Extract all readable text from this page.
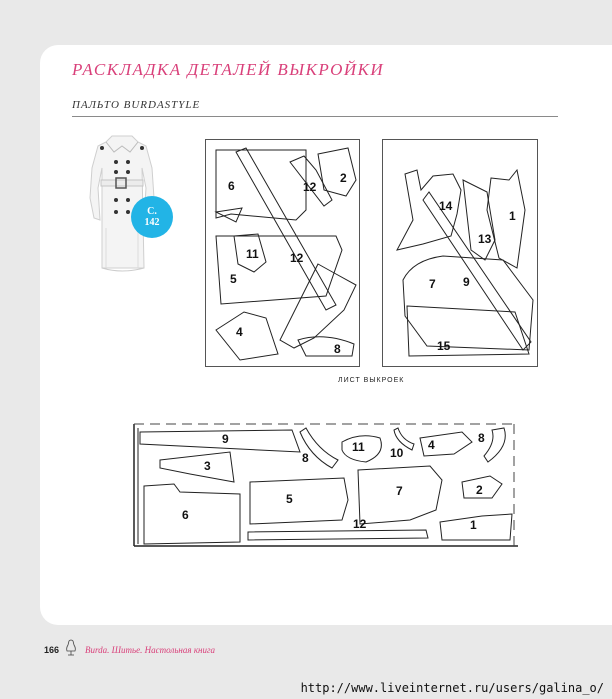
РАСКЛАДКА ДЕТАЛЕЙ ВЫКРОЙКИ
ПАЛЬТО BURDASTYLE
С.
142
6	12
2
11	12
5
4
8
14
1
13
7 9
15
ЛИСТ ВЫКРОЕК
9
8
11 10
4	8
3
2
6
5
7
12	1
166	Burda. Шитье. Настольная книга
http://www.liveinternet.ru/users/galina_o/
